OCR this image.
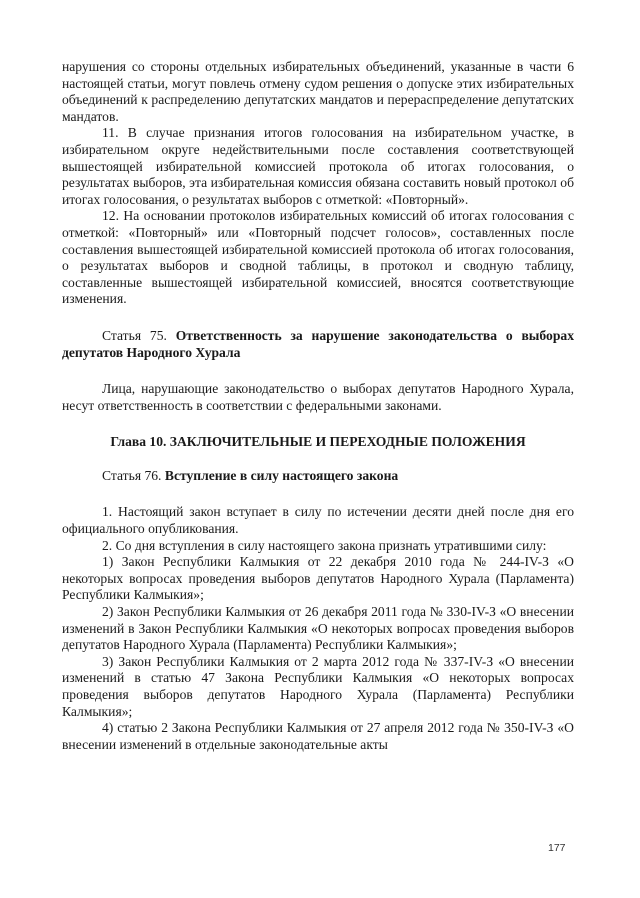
нарушения со стороны отдельных избирательных объединений, указанные в части 6 настоящей статьи, могут повлечь отмену судом решения о допуске этих избирательных объединений к распределению депутатских мандатов и перераспределение депутатских мандатов.

11. В случае признания итогов голосования на избирательном участке, в избирательном округе недействительными после составления соответствующей вышестоящей избирательной комиссией протокола об итогах голосования, о результатах выборов, эта избирательная комиссия обязана составить новый протокол об итогах голосования, о результатах выборов с отметкой: «Повторный».

12. На основании протоколов избирательных комиссий об итогах голосования с отметкой: «Повторный» или «Повторный подсчет голосов», составленных после составления вышестоящей избирательной комиссией протокола об итогах голосования, о результатах выборов и сводной таблицы, в протокол и сводную таблицу, составленные вышестоящей избирательной комиссией, вносятся соответствующие изменения.

Статья 75. Ответственность за нарушение законодательства о выборах депутатов Народного Хурала

Лица, нарушающие законодательство о выборах депутатов Народного Хурала, несут ответственность в соответствии с федеральными законами.

Глава 10. ЗАКЛЮЧИТЕЛЬНЫЕ И ПЕРЕХОДНЫЕ ПОЛОЖЕНИЯ

Статья 76. Вступление в силу настоящего закона

1. Настоящий закон вступает в силу по истечении десяти дней после дня его официального опубликования.

2. Со дня вступления в силу настоящего закона признать утратившими силу:

1) Закон Республики Калмыкия от 22 декабря 2010 года № 244-IV-З «О некоторых вопросах проведения выборов депутатов Народного Хурала (Парламента) Республики Калмыкия»;

2) Закон Республики Калмыкия от 26 декабря 2011 года № 330-IV-З «О внесении изменений в Закон Республики Калмыкия «О некоторых вопросах проведения выборов депутатов Народного Хурала (Парламента) Республики Калмыкия»;

3) Закон Республики Калмыкия от 2 марта 2012 года № 337-IV-З «О внесении изменений в статью 47 Закона Республики Калмыкия «О некоторых вопросах проведения выборов депутатов Народного Хурала (Парламента) Республики Калмыкия»;

4) статью 2 Закона Республики Калмыкия от 27 апреля 2012 года № 350-IV-З «О внесении изменений в отдельные законодательные акты

177
